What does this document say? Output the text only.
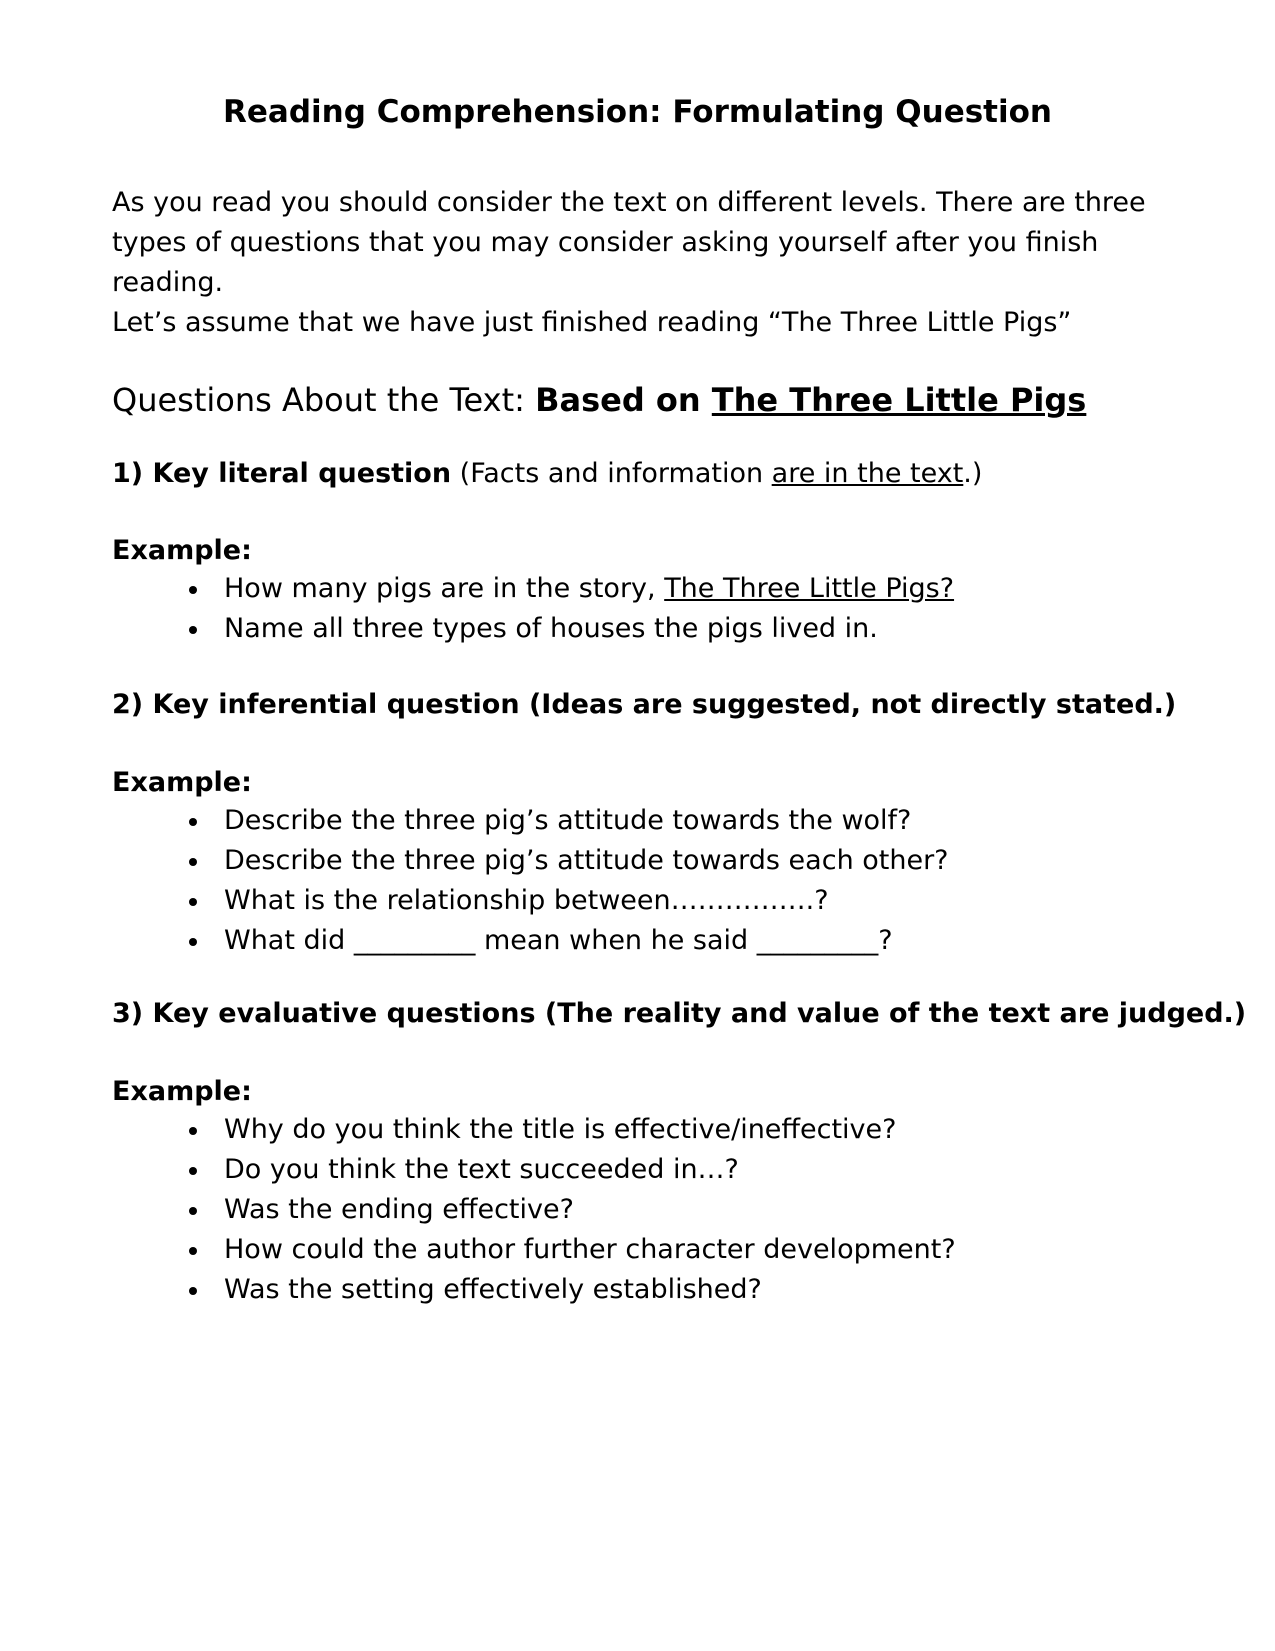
Reading Comprehension: Formulating Question

As you read you should consider the text on different levels. There are three types of questions that you may consider asking yourself after you finish reading.

Let’s assume that we have just finished reading “The Three Little Pigs”

Questions About the Text: Based on The Three Little Pigs
1) Key literal question (Facts and information are in the text.)
Example:
How many pigs are in the story, The Three Little Pigs?
Name all three types of houses the pigs lived in.
2) Key inferential question (Ideas are suggested, not directly stated.)
Example:
Describe the three pig’s attitude towards the wolf?
Describe the three pig’s attitude towards each other?
What is the relationship between…………….?
What did _________ mean when he said _________?
3) Key evaluative questions (The reality and value of the text are judged.)
Example:
Why do you think the title is effective/ineffective?
Do you think the text succeeded in…?
Was the ending effective?
How could the author further character development?
Was the setting effectively established?
